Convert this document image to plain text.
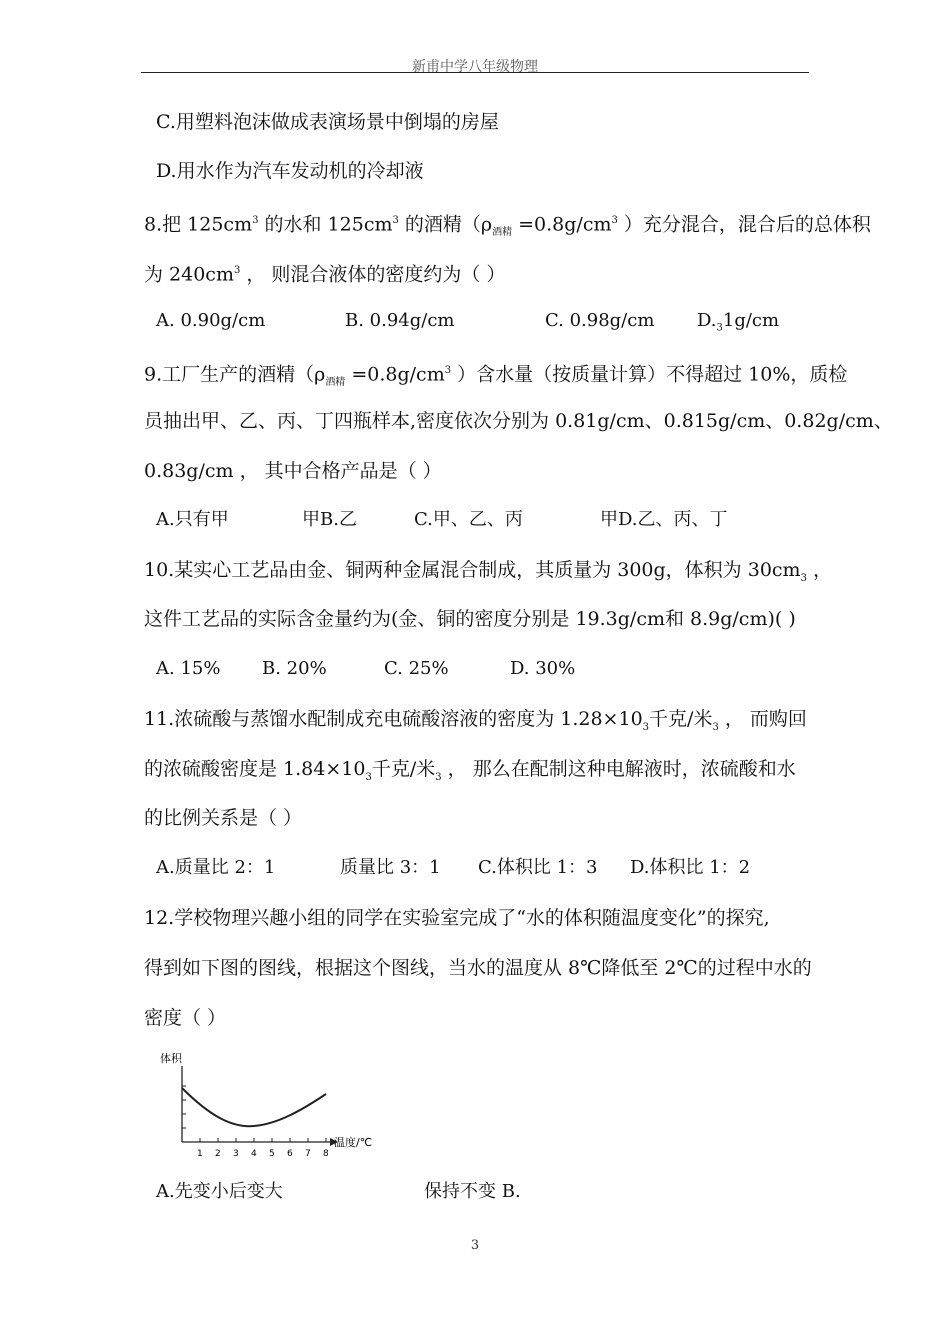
新甫中学八年级物理
C.用塑料泡沫做成表演场景中倒塌的房屋
D.用水作为汽车发动机的冷却液
8.把 $125cm^3$ 的水和 $125cm^3$ 的酒精（$\rho_{酒精} =0.8g/cm^3$ ）充分混合，混合后的总体积
为 $240cm^3$ ， 则混合液体的密度约为（ ）
A. 0.90g/cm	B. 0.94g/cm	C. 0.98g/cm $D._31g/cm$
9.工厂生产的酒精（$\rho_{酒精} =0.8g/cm^3$ ）含水量（按质量计算）不得超过 10%，质检
员抽出甲、乙、丙、丁四瓶样本,密度依次分别为 0.81g/cm、0.815g/cm、0.82g/cm、
0.83g/cm ， 其中合格产品是（ ）
A.只有甲	甲B.乙	C.甲、乙、丙	甲D.乙、丙、丁
10.某实心工艺品由金、铜两种金属混合制成，其质量为 300g，体积为 $30cm_3$ ，
这件工艺品的实际含金量约为(金、铜的密度分别是 19.3g/cm和 8.9g/cm)( )
A. 15% B. 20%	C. 25%	D. 30%
11.浓硫酸与蒸馏水配制成充电硫酸溶液的密度为 $1.28\times 10_3$千克/米$_3$ ， 而购回
的浓硫酸密度是 $1.84\times 10_3$千克/米$_3$ ， 那么在配制这种电解液时，浓硫酸和水
的比例关系是（ ）
A.质量比 2：1	质量比 3：1 C.体积比 1：3 D.体积比 1：2
12.学校物理兴趣小组的同学在实验室完成了“水的体积随温度变化”的探究,
得到如下图的图线，根据这个图线，当水的温度从 8℃降低至 2℃的过程中水的
密度（ ）
体积
1 2 3 4 5 6 7 8
温度/℃
A.先变小后变大	保持不变 B.
3
